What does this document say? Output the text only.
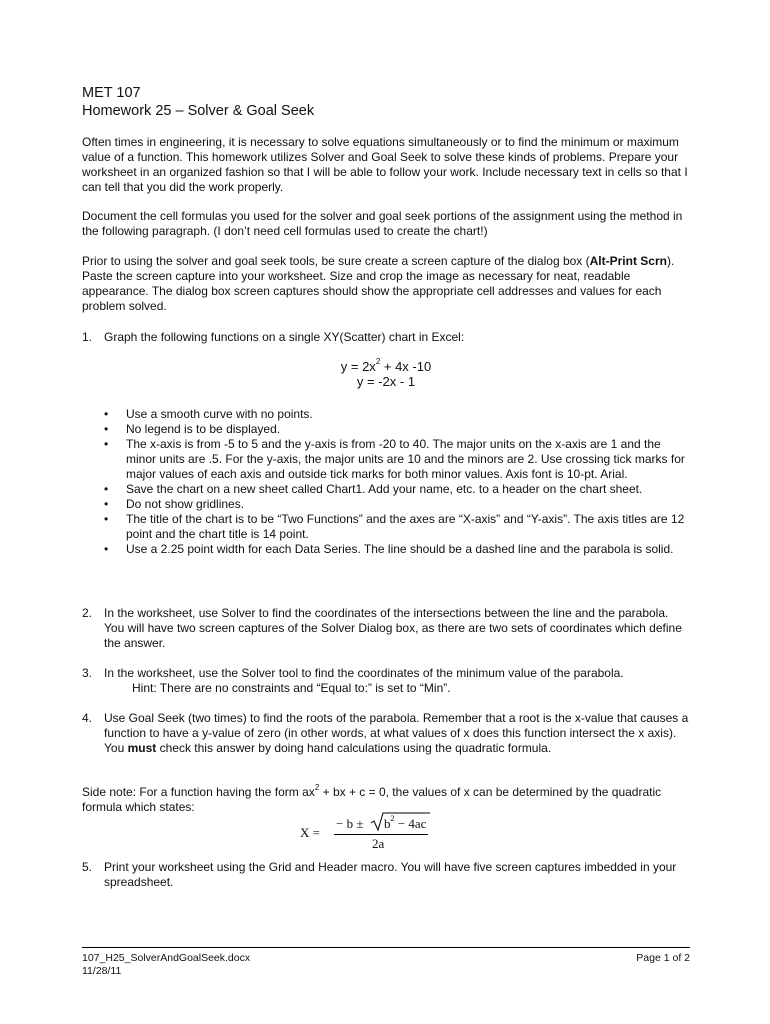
MET 107
Homework 25 – Solver & Goal Seek
Often times in engineering, it is necessary to solve equations simultaneously or to find the minimum or maximum value of a function. This homework utilizes Solver and Goal Seek to solve these kinds of problems. Prepare your worksheet in an organized fashion so that I will be able to follow your work. Include necessary text in cells so that I can tell that you did the work properly.
Document the cell formulas you used for the solver and goal seek portions of the assignment using the method in the following paragraph. (I don’t need cell formulas used to create the chart!)
Prior to using the solver and goal seek tools, be sure create a screen capture of the dialog box (Alt-Print Scrn). Paste the screen capture into your worksheet. Size and crop the image as necessary for neat, readable appearance. The dialog box screen captures should show the appropriate cell addresses and values for each problem solved.
1. Graph the following functions on a single XY(Scatter) chart in Excel:
$y = 2x^2 + 4x$ -10
y = -2x - 1
• Use a smooth curve with no points.
• No legend is to be displayed.
• The x-axis is from -5 to 5 and the y-axis is from -20 to 40. The major units on the x-axis are 1 and the minor units are .5. For the y-axis, the major units are 10 and the minors are 2. Use crossing tick marks for major values of each axis and outside tick marks for both minor values. Axis font is 10-pt. Arial.
• Save the chart on a new sheet called Chart1. Add your name, etc. to a header on the chart sheet.
• Do not show gridlines.
• The title of the chart is to be “Two Functions” and the axes are “X-axis” and “Y-axis”. The axis titles are 12 point and the chart title is 14 point.
• Use a 2.25 point width for each Data Series. The line should be a dashed line and the parabola is solid.
2. In the worksheet, use Solver to find the coordinates of the intersections between the line and the parabola. You will have two screen captures of the Solver Dialog box, as there are two sets of coordinates which define the answer.
3. In the worksheet, use the Solver tool to find the coordinates of the minimum value of the parabola.
Hint: There are no constraints and “Equal to:” is set to “Min”.
4. Use Goal Seek (two times) to find the roots of the parabola. Remember that a root is the x-value that causes a function to have a y-value of zero (in other words, at what values of x does this function intersect the x axis). You must check this answer by doing hand calculations using the quadratic formula.
Side note: For a function having the form $ax^2$ + bx + c = 0, the values of x can be determined by the quadratic formula which states:
X =
− $b \pm b^2 - 4ac$
2a
5. Print your worksheet using the Grid and Header macro. You will have five screen captures imbedded in your spreadsheet.
107_H25_SolverAndGoalSeek.docx
11/28/11
Page 1 of 2
